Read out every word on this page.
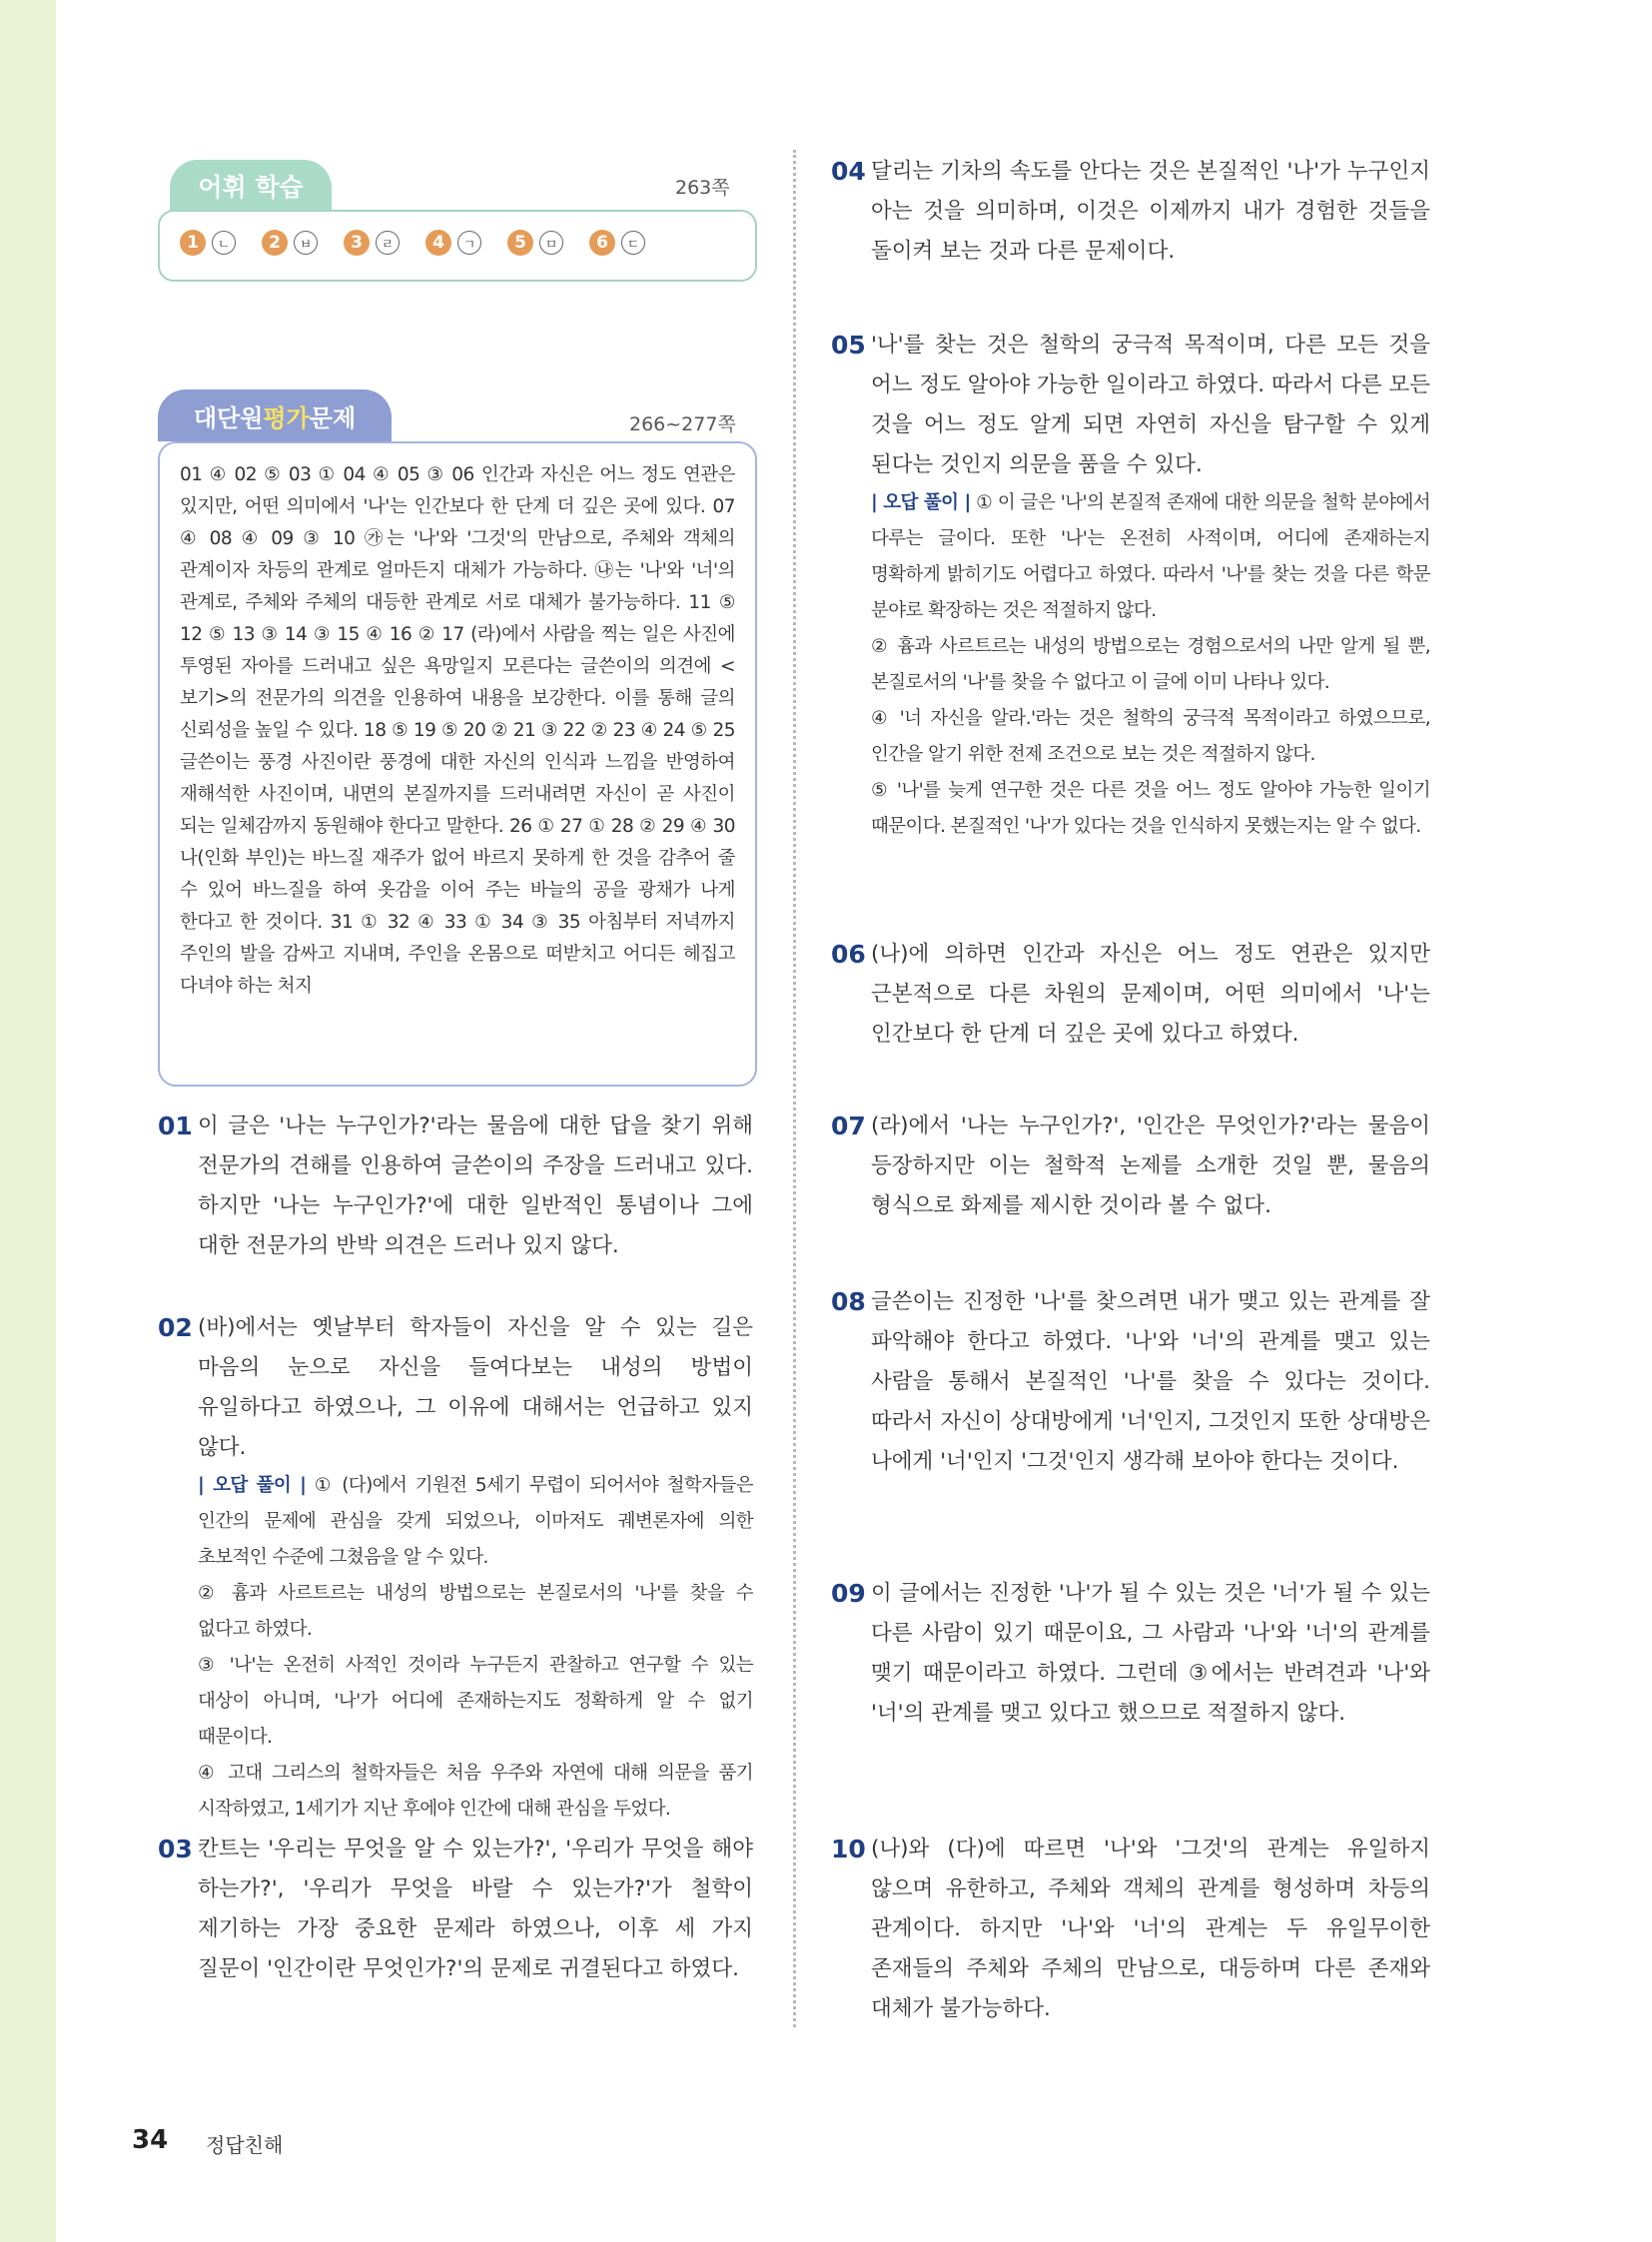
어휘 학습	263쪽
1	ㄴ	2	ㅂ	3	ㄹ	4	ㄱ	5	ㅁ	6	ㄷ
대단원 평가 문제	266~277쪽
01 ④ 02 ⑤ 03 ① 04 ④ 05 ③ 06 인간과 자신은 어느 정도 연관은 있지만, 어떤 의미에서 '나'는 인간보다 한 단계 더 깊은 곳에 있다. 07 ④ 08 ④ 09 ③ 10 ㉮는 '나'와 '그것'의 만남으로, 주체와 객체의 관계이자 차등의 관계로 얼마든지 대체가 가능하다. ㉯는 '나'와 '너'의 관계로, 주체와 주체의 대등한 관계로 서로 대체가 불가능하다. 11 ⑤ 12 ⑤ 13 ③ 14 ③ 15 ④ 16 ② 17 (라)에서 사람을 찍는 일은 사진에 투영된 자아를 드러내고 싶은 욕망일지 모른다는 글쓴이의 의견에 <보기>의 전문가의 의견을 인용하여 내용을 보강한다. 이를 통해 글의 신뢰성을 높일 수 있다. 18 ⑤ 19 ⑤ 20 ② 21 ③ 22 ② 23 ④ 24 ⑤ 25 글쓴이는 풍경 사진이란 풍경에 대한 자신의 인식과 느낌을 반영하여 재해석한 사진이며, 내면의 본질까지를 드러내려면 자신이 곧 사진이 되는 일체감까지 동원해야 한다고 말한다. 26 ① 27 ① 28 ② 29 ④ 30 나(인화 부인)는 바느질 재주가 없어 바르지 못하게 한 것을 감추어 줄 수 있어 바느질을 하여 옷감을 이어 주는 바늘의 공을 광채가 나게 한다고 한 것이다. 31 ① 32 ④ 33 ① 34 ③ 35 아침부터 저녁까지 주인의 발을 감싸고 지내며, 주인을 온몸으로 떠받치고 어디든 헤집고 다녀야 하는 처지
01 이 글은 '나는 누구인가?'라는 물음에 대한 답을 찾기 위해 전문가의 견해를 인용하여 글쓴이의 주장을 드러내고 있다. 하지만 '나는 누구인가?'에 대한 일반적인 통념이나 그에 대한 전문가의 반박 의견은 드러나 있지 않다.
02 (바)에서는 옛날부터 학자들이 자신을 알 수 있는 길은 마음의 눈으로 자신을 들여다보는 내성의 방법이 유일하다고 하였으나, 그 이유에 대해서는 언급하고 있지 않다.
| 오답 풀이 | ① (다)에서 기원전 5세기 무렵이 되어서야 철학자들은 인간의 문제에 관심을 갖게 되었으나, 이마저도 궤변론자에 의한 초보적인 수준에 그쳤음을 알 수 있다.
② 흄과 사르트르는 내성의 방법으로는 본질로서의 '나'를 찾을 수 없다고 하였다.
③ '나'는 온전히 사적인 것이라 누구든지 관찰하고 연구할 수 있는 대상이 아니며, '나'가 어디에 존재하는지도 정확하게 알 수 없기 때문이다.
④ 고대 그리스의 철학자들은 처음 우주와 자연에 대해 의문을 품기 시작하였고, 1세기가 지난 후에야 인간에 대해 관심을 두었다.
03 칸트는 '우리는 무엇을 알 수 있는가?', '우리가 무엇을 해야 하는가?', '우리가 무엇을 바랄 수 있는가?'가 철학이 제기하는 가장 중요한 문제라 하였으나, 이후 세 가지 질문이 '인간이란 무엇인가?'의 문제로 귀결된다고 하였다.
04 달리는 기차의 속도를 안다는 것은 본질적인 '나'가 누구인지 아는 것을 의미하며, 이것은 이제까지 내가 경험한 것들을 돌이켜 보는 것과 다른 문제이다.
05 '나'를 찾는 것은 철학의 궁극적 목적이며, 다른 모든 것을 어느 정도 알아야 가능한 일이라고 하였다. 따라서 다른 모든 것을 어느 정도 알게 되면 자연히 자신을 탐구할 수 있게 된다는 것인지 의문을 품을 수 있다.
| 오답 풀이 | ① 이 글은 '나'의 본질적 존재에 대한 의문을 철학 분야에서 다루는 글이다. 또한 '나'는 온전히 사적이며, 어디에 존재하는지 명확하게 밝히기도 어렵다고 하였다. 따라서 '나'를 찾는 것을 다른 학문 분야로 확장하는 것은 적절하지 않다.
② 흄과 사르트르는 내성의 방법으로는 경험으로서의 나만 알게 될 뿐, 본질로서의 '나'를 찾을 수 없다고 이 글에 이미 나타나 있다.
④ '너 자신을 알라.'라는 것은 철학의 궁극적 목적이라고 하였으므로, 인간을 알기 위한 전제 조건으로 보는 것은 적절하지 않다.
⑤ '나'를 늦게 연구한 것은 다른 것을 어느 정도 알아야 가능한 일이기 때문이다. 본질적인 '나'가 있다는 것을 인식하지 못했는지는 알 수 없다.
06 (나)에 의하면 인간과 자신은 어느 정도 연관은 있지만 근본적으로 다른 차원의 문제이며, 어떤 의미에서 '나'는 인간보다 한 단계 더 깊은 곳에 있다고 하였다.
07 (라)에서 '나는 누구인가?', '인간은 무엇인가?'라는 물음이 등장하지만 이는 철학적 논제를 소개한 것일 뿐, 물음의 형식으로 화제를 제시한 것이라 볼 수 없다.
08 글쓴이는 진정한 '나'를 찾으려면 내가 맺고 있는 관계를 잘 파악해야 한다고 하였다. '나'와 '너'의 관계를 맺고 있는 사람을 통해서 본질적인 '나'를 찾을 수 있다는 것이다. 따라서 자신이 상대방에게 '너'인지, 그것인지 또한 상대방은 나에게 '너'인지 '그것'인지 생각해 보아야 한다는 것이다.
09 이 글에서는 진정한 '나'가 될 수 있는 것은 '너'가 될 수 있는 다른 사람이 있기 때문이요, 그 사람과 '나'와 '너'의 관계를 맺기 때문이라고 하였다. 그런데 ③에서는 반려견과 '나'와 '너'의 관계를 맺고 있다고 했으므로 적절하지 않다.
10 (나)와 (다)에 따르면 '나'와 '그것'의 관계는 유일하지 않으며 유한하고, 주체와 객체의 관계를 형성하며 차등의 관계이다. 하지만 '나'와 '너'의 관계는 두 유일무이한 존재들의 주체와 주체의 만남으로, 대등하며 다른 존재와 대체가 불가능하다.
34 정답친해
